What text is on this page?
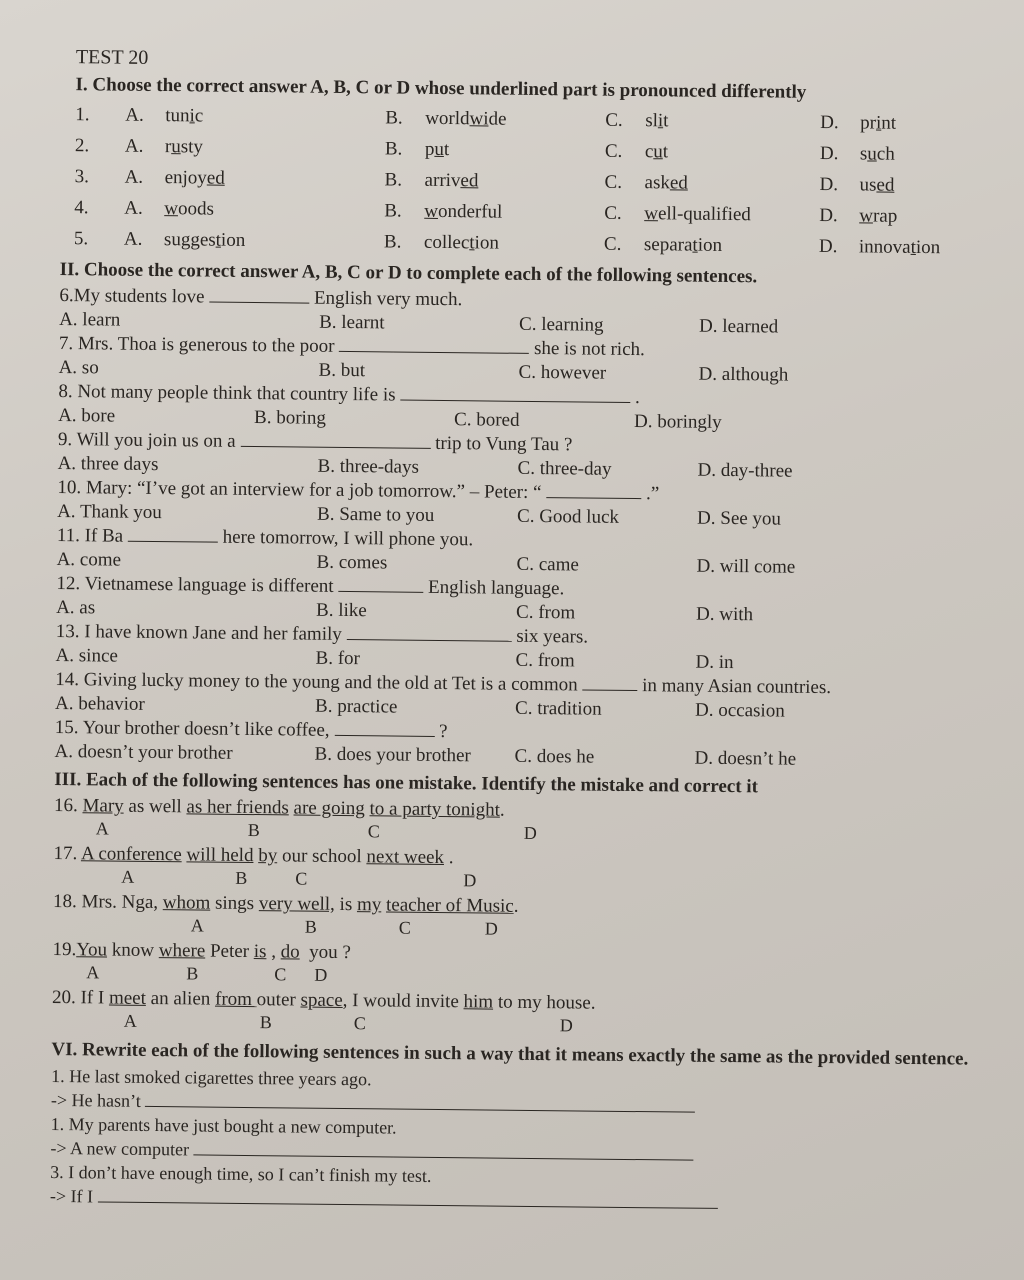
TEST 20
I. Choose the correct answer A, B, C or D whose underlined part is pronounced differently
1.	A. tunic	B. worldwide	C. slit	D. print
2.	A. rusty	B. put	C. cut	D. such
3.	A. enjoyed	B. arrived	C. asked	D. used
4.	A. woods	B. wonderful	C. well-qualified	D. wrap
5.	A. suggestion	B. collection	C. separation	D. innovation
II. Choose the correct answer A, B, C or D to complete each of the following sentences.
6.My students love	English very much.
A. learn	B. learnt	C. learning	D. learned
7. Mrs. Thoa is generous to the poor	she is not rich.
A. so	B. but	C. however	D. although
8. Not many people think that country life is	.
A. bore	B. boring	C. bored	D. boringly
9. Will you join us on a	trip to Vung Tau ?
A. three days	B. three-days	C. three-day	D. day-three
10. Mary: “I’ve got an interview for a job tomorrow.” – Peter: “	.”
A. Thank you	B. Same to you	C. Good luck	D. See you
11. If Ba	here tomorrow, I will phone you.
A. come	B. comes	C. came	D. will come
12. Vietnamese language is different	English language.
A. as	B. like	C. from	D. with
13. I have known Jane and her family	six years.
A. since	B. for	C. from	D. in
14. Giving lucky money to the young and the old at Tet is a common	in many Asian countries.
A. behavior	B. practice	C. tradition	D. occasion
15. Your brother doesn’t like coffee,	?
A. doesn’t your brother	B. does your brother	C. does he	D. doesn’t he
III. Each of the following sentences has one mistake. Identify the mistake and correct it
16. Mary as well as her friends are going to a party tonight.
A	B	C	D
17. A conference will held by our school next week .
A	B	C	D
18. Mrs. Nga, whom sings very well, is my teacher of Music.
A	B	C	D
19.You know where Peter is , do  you ?
A	B	C D
20. If I meet an alien from outer space, I would invite him to my house.
A	B	C	D
VI. Rewrite each of the following sentences in such a way that it means exactly the same as the provided sentence.
1. He last smoked cigarettes three years ago.
-> He hasn’t
1. My parents have just bought a new computer.
-> A new computer
3. I don’t have enough time, so I can’t finish my test.
-> If I
